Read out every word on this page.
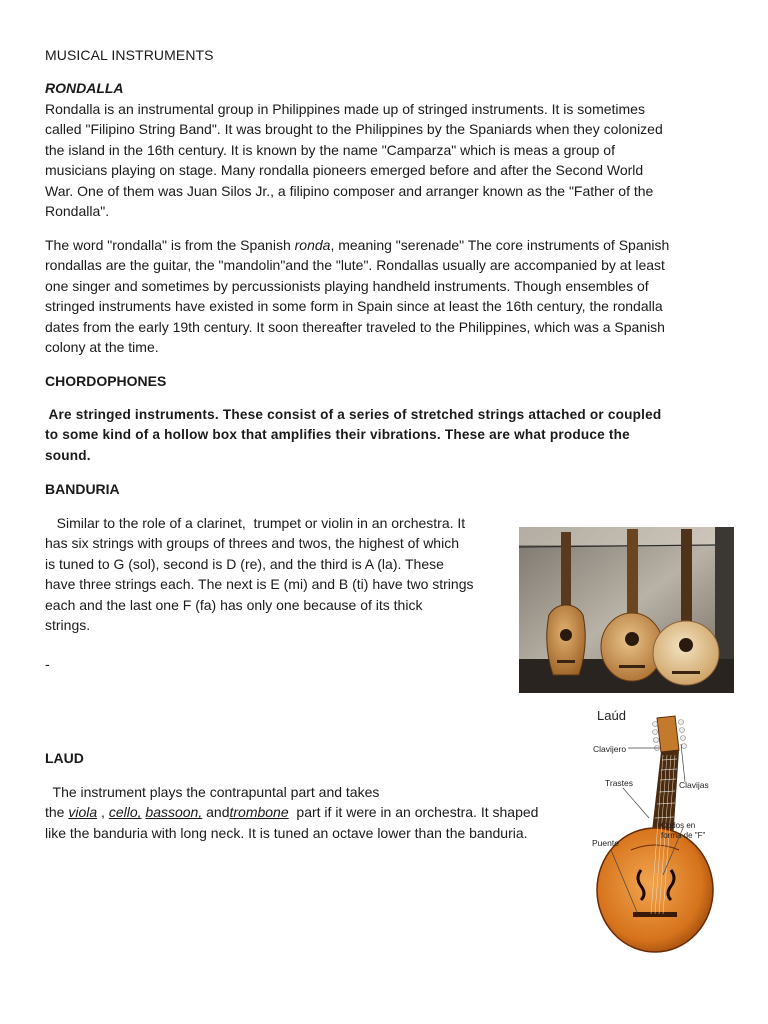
MUSICAL INSTRUMENTS
RONDALLA
Rondalla is an instrumental group in Philippines made up of stringed instruments. It is sometimes
called "Filipino String Band". It was brought to the Philippines by the Spaniards when they colonized
the island in the 16th century. It is known by the name "Camparza" which is meas a group of
musicians playing on stage. Many rondalla pioneers emerged before and after the Second World
War. One of them was Juan Silos Jr., a filipino composer and arranger known as the "Father of the
Rondalla".
The word "rondalla" is from the Spanish ronda, meaning "serenade" The core instruments of Spanish
rondallas are the guitar, the "mandolin"and the "lute". Rondallas usually are accompanied by at least
one singer and sometimes by percussionists playing handheld instruments. Though ensembles of
stringed instruments have existed in some form in Spain since at least the 16th century, the rondalla
dates from the early 19th century. It soon thereafter traveled to the Philippines, which was a Spanish
colony at the time.
CHORDOPHONES
Are stringed instruments. These consist of a series of stretched strings attached or coupled
to some kind of a hollow box that amplifies their vibrations. These are what produce the
sound.
BANDURIA
Similar to the role of a clarinet,  trumpet or violin in an orchestra. It
has six strings with groups of threes and twos, the highest of which
is tuned to G (sol), second is D (re), and the third is A (la). These
have three strings each. The next is E (mi) and B (ti) have two strings
each and the last one F (fa) has only one because of its thick
strings.
-
Laúd
Clavijero
Trastes	Clavijas
Codos en
forma de "F"
Puente
LAUD
The instrument plays the contrapuntal part and takes
the viola , cello, bassoon, andtrombone  part if it were in an orchestra. It shaped
like the banduria with long neck. It is tuned an octave lower than the banduria.
